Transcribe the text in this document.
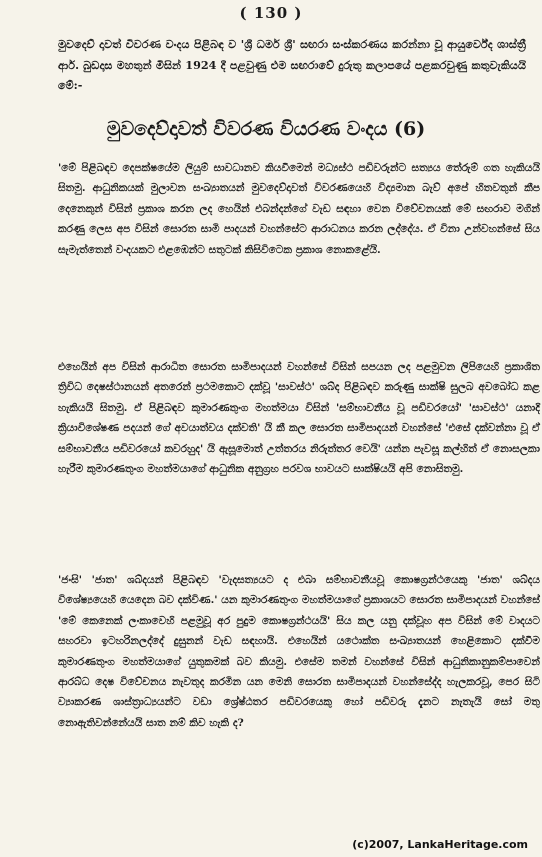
( 130 )

මුවදෙව් දාවත් විවරණ වංදය පිළිබඳ ව 'ශ්‍රී ධර්ම ශ්‍රී' සඟරා සංස්කරණය කරන්නා වූ ආයුර්වේද ශාස්ත්‍රී ආර්. බුඩදාස මහතුන් මිසින් 1924 දී පළවුණු එම සඟරාවේ දුරුතු කලාපයේ පළකරවුණු කතුවැකියයි මේ:-

මුවදෙව්දාවත් විවරණ වියරණ වංදය (6)

'මේ පිළිබඳව දෙපක්ෂයේම ලියුම් සාවධානව කියවීමෙන් මධ්‍යස්ථ පඩිවරුන්ට සත්‍යය තේරුම් ගත හැකියයි සිතමු. ආධුනිකයක් මුලාවන සංඛ්‍යාතයන් මුවදෙව්දාවත් විවරණයෙහි විද්‍යමාන බැව් අපේ හිතවතුන් කීප දෙනෙකුන් විසින් ප්‍රකාශ කරන ලද හෙයින් එබන්දන්ගේ වැඩ සඳහා වෙන විවේචනයක් මේ සඟරාව මගින් කරණු ලෙස අප විසින් සොරත සාමි පාදයන් වහන්සේට ආරාධනය කරන ලද්දේය. ඒ විනා උන්වහන්සේ සිය සැමැත්තෙන් වංදයකට එළඹෙන්ට සතුටක් කිසිවිටෙක ප්‍රකාශ නොකළේයි.

එහෙයින් අප විසින් ආරාධිත සොරත සාමිපාදයන් වහන්සේ විසින් සපයන ලද පළමුවන ලිපියෙහි ප්‍රකාශිත ත්‍රිවිධ දෙෂස්ථානයන් අතරෙන් ප්‍රථමකොට දක්වූ 'සාවස්ථ' ශබ්ද පිළිබඳව කරුණු සාක්ෂි සුලබ අවබෝධ කළ හැකියයි සිතමු. ඒ පිළිබඳව කුමාරණතුංග මහත්මයා විසින් 'සම්භාවනීය වූ පඩිවරයෝ' 'සාවස්ථ' යනාදි ක්‍රියාවිශේෂණ පදයන් ගේ අවයාත්වය දක්වති' යි කී කල සොරත සාමිපාදයන් වහන්සේ 'එසේ දක්වන්නා වූ ඒ සම්භාවනීය පඩිවරයෝ කවරහුද' යි ඇසූමොත් උත්තරය නිරුත්තර වෙයි' යන්න පැවසූ කල්හිත් ඒ නොසලකා හැරීම කුමාරණතුංග මහත්මයාගේ ආධුනික අනුග්‍රහ පරවශ භාවයට සාක්ෂියයි අපි නොසිතමු.

'ජංඝි' 'ජාත' ශබ්දයන් පිළිබඳව 'වැදසත්‍යයට ද එබා සම්භාවනීයවූ කොෂග්‍රන්ථයෙකු 'ජාත' ශබ්දය විශේෂ්‍යයෙහි යෙදෙන බව දක්විණ.' යන කුමාරණතුංග මහත්මයාගේ ප්‍රකාශයට සොරත සාමිපාදයන් වහන්සේ 'මේ කෙනෙක් ලංකාවෙහි පළමුවූ අර පුදුම කොෂග්‍රන්ථයයි' සිය කල යනු දක්වූහ අප විසින් මේ වාදයට සහරවා ඉටහරිනලද්දේ දුසුනන් වැඩ සඳහායි. එහෙයින් යථොක්ත සංඛ්‍යාතයන් හෙළිකොට දක්වීම කුමාරණතුංග මහත්මයාගේ යුතුකමක් බව කියමු. එසේම තමන් වහන්සේ විසින් ආධුනිකානුකම්පාවෙන් ආරබ්ධ දෙෂ විවේචනය නැවතුද කරමින යන මෙනි සොරත සාමිපාදයන් වහන්සේද්ද හැලකරවූ, පෙර සිටි ව්‍යාකරණ ශාස්ත්‍රාධ්‍යයන්ට වඩා ශ්‍රේෂ්ඨතර පඩිවරයෙකු හෝ පඩිවරු දැනට නැතැයි සෝ මතු නොඇතිවන්නේයයි සාත නම් කිව හැකි ද?

(c)2007, LankaHeritage.com
